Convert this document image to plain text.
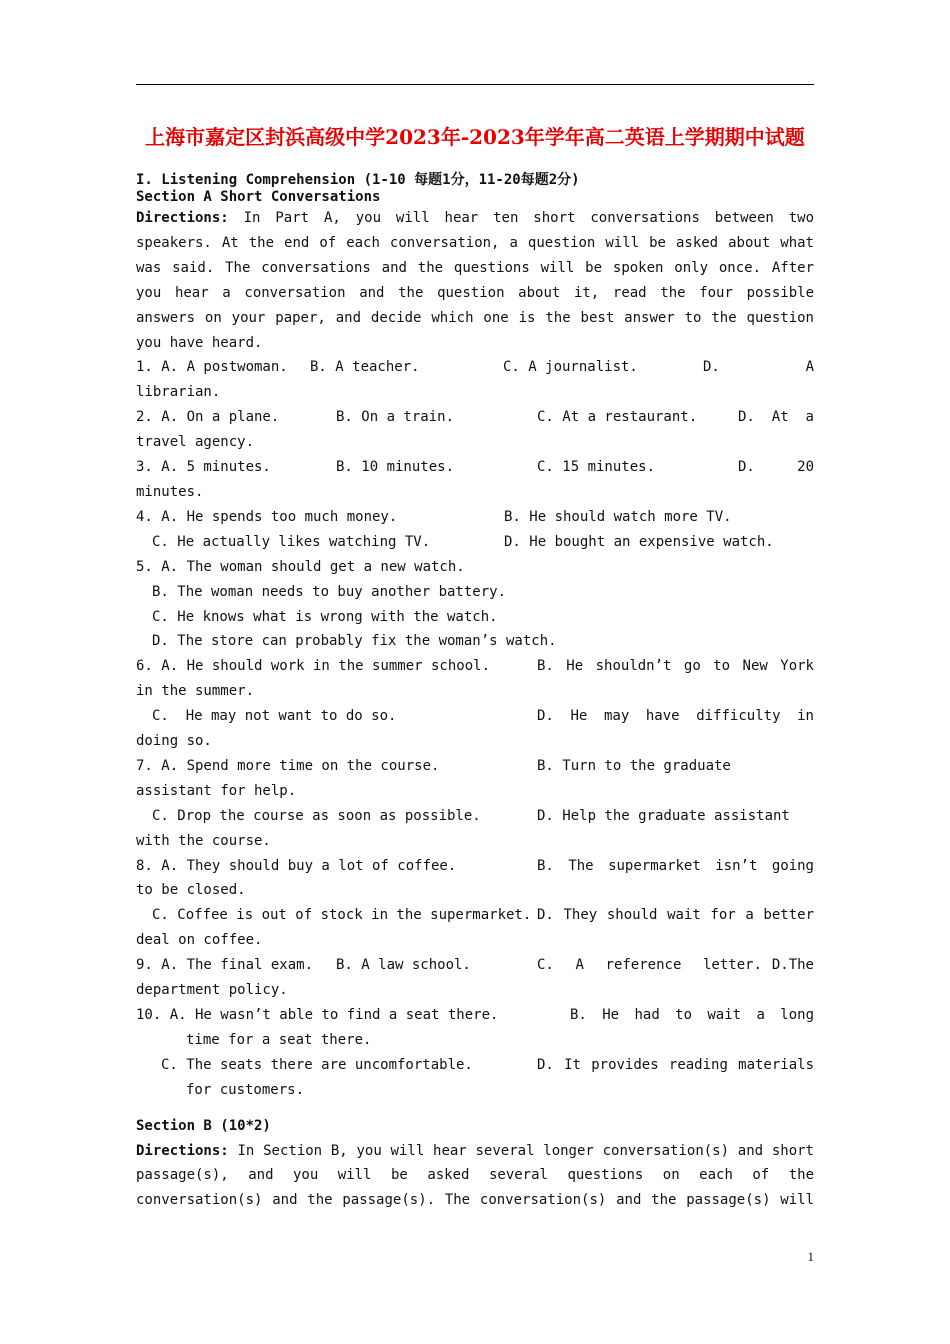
上海市嘉定区封浜高级中学2023年-2023年学年高二英语上学期期中试题
I. Listening Comprehension (1-10 每题1分，11-20每题2分)
Section A Short Conversations
Directions: In Part A, you will hear ten short conversations between two
speakers. At the end of each conversation, a question will be asked about what
was said. The conversations and the questions will be spoken only once. After
you hear a conversation and the question about it, read the four possible
answers on your paper, and decide which one is the best answer to the question
you have heard.
1. A. A postwoman.	B. A teacher.	C. A journalist.	D.	A
librarian.
2. A. On a plane.	B. On a train.	C. At a restaurant.	D. At a
travel agency.
3. A. 5 minutes.	B. 10 minutes.	C. 15 minutes.	D.	20
minutes.
4. A. He spends too much money.	B. He should watch more TV.
C. He actually likes watching TV.	D. He bought an expensive watch.
5. A. The woman should get a new watch.
B. The woman needs to buy another battery.
C. He knows what is wrong with the watch.
D. The store can probably fix the woman’s watch.
6. A. He should work in the summer school.	B. He shouldn’t go to New York
in the summer.
C.  He may not want to do so.	D. He may have difficulty in
doing so.
7. A. Spend more time on the course.	B. Turn to the graduate
assistant for help.
C. Drop the course as soon as possible.	D. Help the graduate assistant
with the course.
8. A. They should buy a lot of coffee.	B. The supermarket isn’t going
to be closed.
C. Coffee is out of stock in the supermarket. D. They should wait for a better
deal on coffee.
9. A. The final exam.	B. A law school.	C. A reference letter. D.The
department policy.
10. A. He wasn’t able to find a seat there.	B. He had to wait a long
time for a seat there.
C. The seats there are uncomfortable.	D. It provides reading materials
for customers.
Section B (10*2)
Directions: In Section B, you will hear several longer conversation(s) and short
passage(s), and you will be asked several questions on each of the
conversation(s) and the passage(s). The conversation(s) and the passage(s) will
1
